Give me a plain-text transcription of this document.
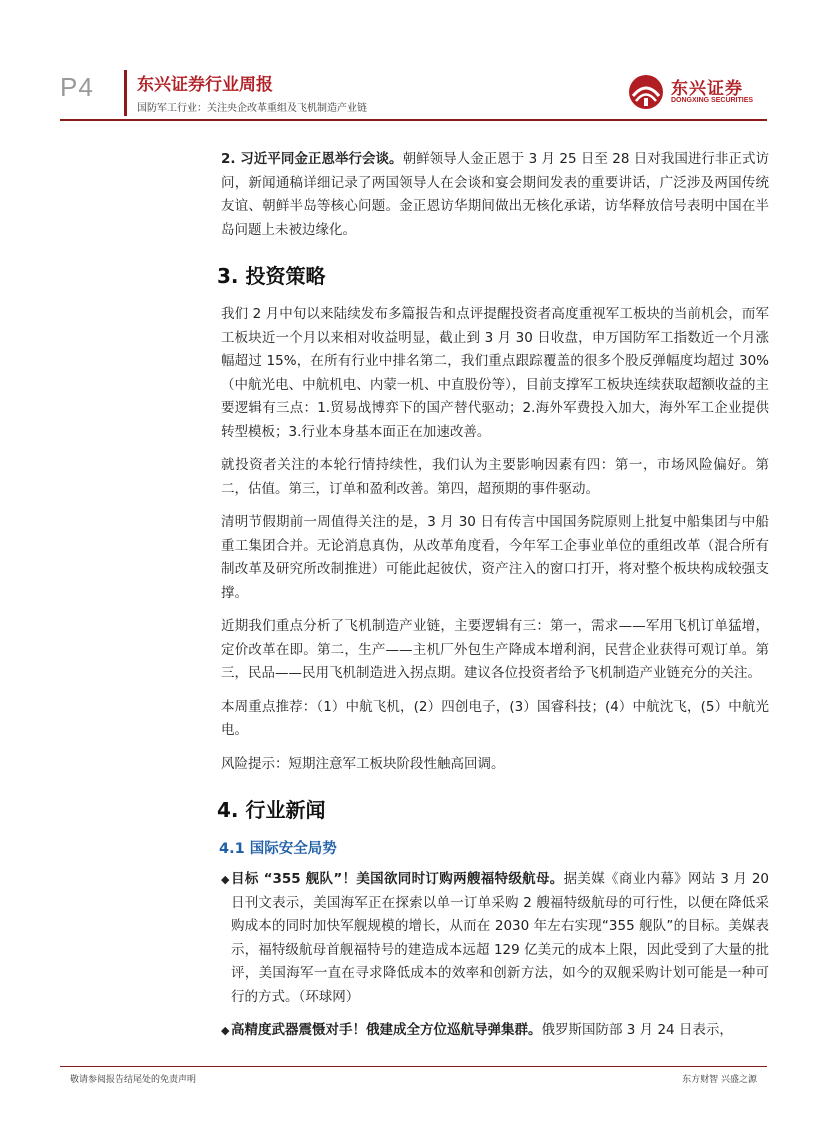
P4	东兴证券行业周报
国防军工行业：关注央企改革重组及飞机制造产业链
东兴证券
DONGXING SECURITIES

2. 习近平同金正恩举行会谈。朝鲜领导人金正恩于 3 月 25 日至 28 日对我国进行非正式访问，新闻通稿详细记录了两国领导人在会谈和宴会期间发表的重要讲话，广泛涉及两国传统友谊、朝鲜半岛等核心问题。金正恩访华期间做出无核化承诺，访华释放信号表明中国在半岛问题上未被边缘化。

3. 投资策略

我们 2 月中旬以来陆续发布多篇报告和点评提醒投资者高度重视军工板块的当前机会，而军工板块近一个月以来相对收益明显，截止到 3 月 30 日收盘，申万国防军工指数近一个月涨幅超过 15%，在所有行业中排名第二，我们重点跟踪覆盖的很多个股反弹幅度均超过 30%（中航光电、中航机电、内蒙一机、中直股份等），目前支撑军工板块连续获取超额收益的主要逻辑有三点：1.贸易战博弈下的国产替代驱动；2.海外军费投入加大，海外军工企业提供转型模板；3.行业本身基本面正在加速改善。

就投资者关注的本轮行情持续性，我们认为主要影响因素有四：第一，市场风险偏好。第二，估值。第三，订单和盈利改善。第四，超预期的事件驱动。

清明节假期前一周值得关注的是，3 月 30 日有传言中国国务院原则上批复中船集团与中船重工集团合并。无论消息真伪，从改革角度看，今年军工企事业单位的重组改革（混合所有制改革及研究所改制推进）可能此起彼伏，资产注入的窗口打开，将对整个板块构成较强支撑。

近期我们重点分析了飞机制造产业链，主要逻辑有三：第一，需求——军用飞机订单猛增，定价改革在即。第二，生产——主机厂外包生产降成本增利润，民营企业获得可观订单。第三，民品——民用飞机制造进入拐点期。建议各位投资者给予飞机制造产业链充分的关注。

本周重点推荐：（1）中航飞机，(2）四创电子，(3）国睿科技；(4）中航沈飞，(5）中航光电。

风险提示：短期注意军工板块阶段性触高回调。

4. 行业新闻
4.1 国际安全局势

◆ 目标 “355 舰队”！美国欲同时订购两艘福特级航母。据美媒《商业内幕》网站 3 月 20 日刊文表示，美国海军正在探索以单一订单采购 2 艘福特级航母的可行性，以便在降低采购成本的同时加快军舰规模的增长，从而在 2030 年左右实现“355 舰队”的目标。美媒表示，福特级航母首舰福特号的建造成本远超 129 亿美元的成本上限，因此受到了大量的批评，美国海军一直在寻求降低成本的效率和创新方法，如今的双舰采购计划可能是一种可行的方式。（环球网）

◆ 高精度武器震慑对手！俄建成全方位巡航导弹集群。俄罗斯国防部 3 月 24 日表示，

敬请参阅报告结尾处的免责声明	东方财智 兴盛之源
